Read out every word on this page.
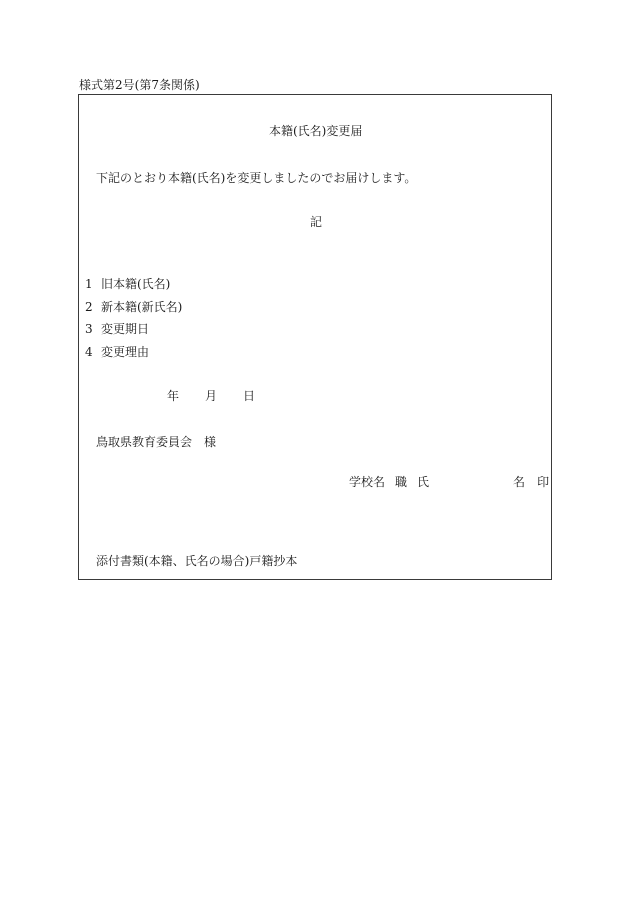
様式第2号(第7条関係)
本籍(氏名)変更届
下記のとおり本籍(氏名)を変更しましたのでお届けします。
記
1 旧本籍(氏名)
2 新本籍(新氏名)
3 変更期日
4 変更理由
年 月 日
鳥取県教育委員会 様
学校名 職 氏	名 印
添付書類(本籍、氏名の場合)戸籍抄本
